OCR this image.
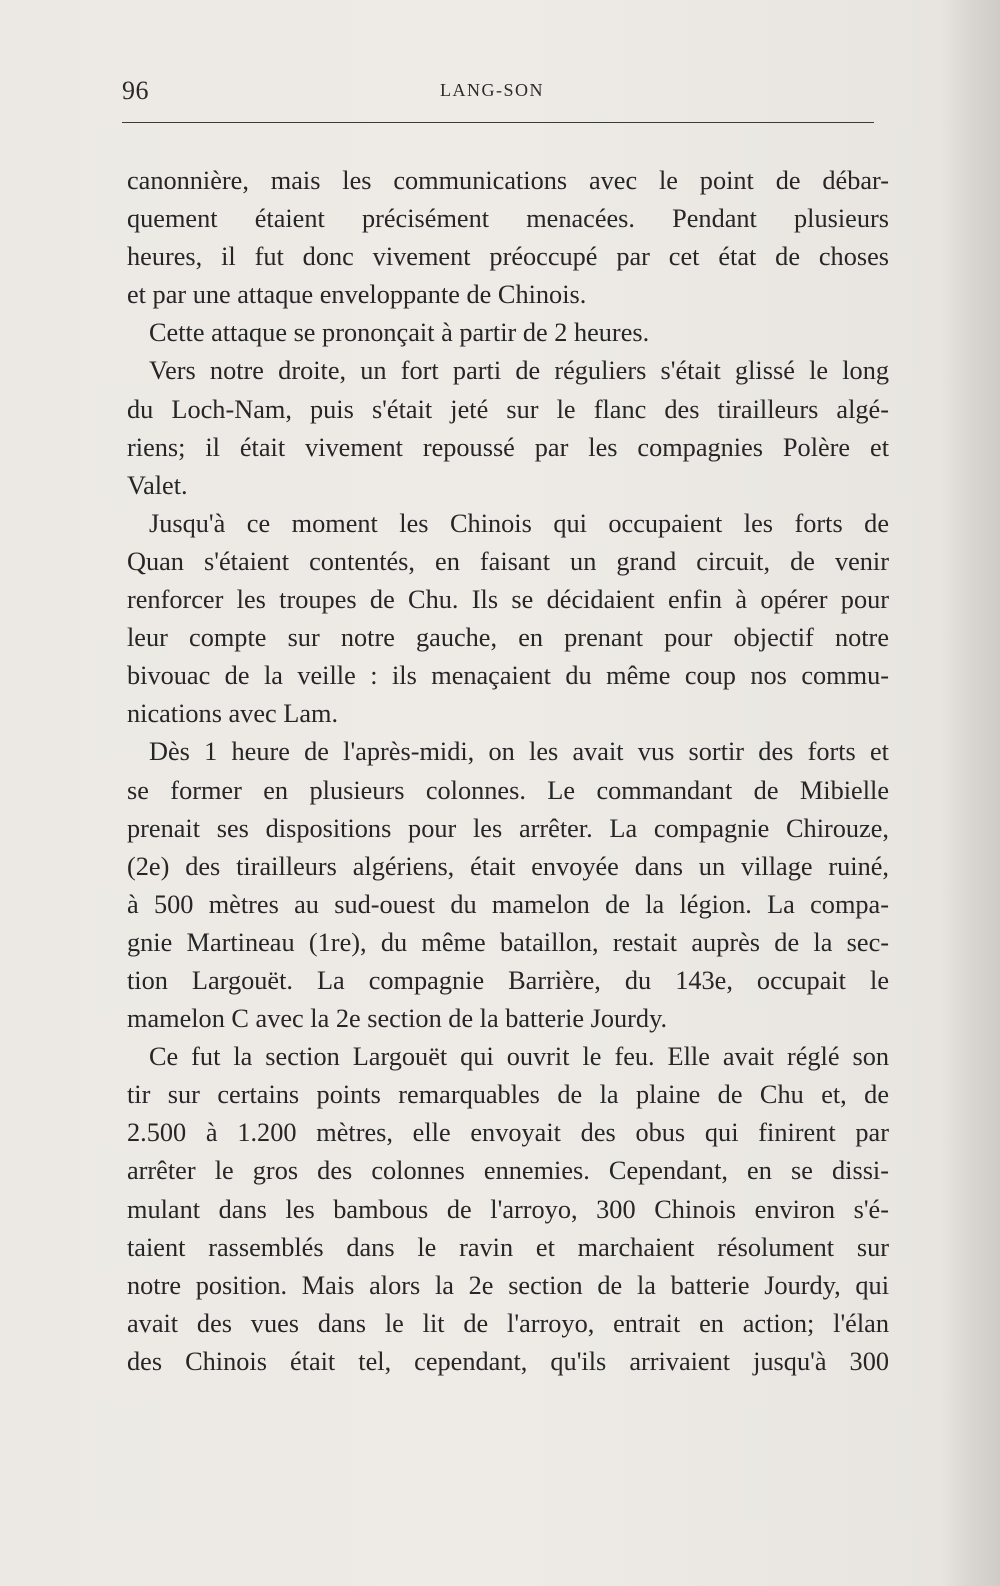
96	LANG-SON
canonnière, mais les communications avec le point de débar-
quement étaient précisément menacées. Pendant plusieurs
heures, il fut donc vivement préoccupé par cet état de choses
et par une attaque enveloppante de Chinois.
Cette attaque se prononçait à partir de 2 heures.
Vers notre droite, un fort parti de réguliers s'était glissé le long
du Loch-Nam, puis s'était jeté sur le flanc des tirailleurs algé-
riens; il était vivement repoussé par les compagnies Polère et
Valet.
Jusqu'à ce moment les Chinois qui occupaient les forts de
Quan s'étaient contentés, en faisant un grand circuit, de venir
renforcer les troupes de Chu. Ils se décidaient enfin à opérer pour
leur compte sur notre gauche, en prenant pour objectif notre
bivouac de la veille : ils menaçaient du même coup nos commu-
nications avec Lam.
Dès 1 heure de l'après-midi, on les avait vus sortir des forts et
se former en plusieurs colonnes. Le commandant de Mibielle
prenait ses dispositions pour les arrêter. La compagnie Chirouze,
(2e) des tirailleurs algériens, était envoyée dans un village ruiné,
à 500 mètres au sud-ouest du mamelon de la légion. La compa-
gnie Martineau (1re), du même bataillon, restait auprès de la sec-
tion Largouët. La compagnie Barrière, du 143e, occupait le
mamelon C avec la 2e section de la batterie Jourdy.
Ce fut la section Largouët qui ouvrit le feu. Elle avait réglé son
tir sur certains points remarquables de la plaine de Chu et, de
2.500 à 1.200 mètres, elle envoyait des obus qui finirent par
arrêter le gros des colonnes ennemies. Cependant, en se dissi-
mulant dans les bambous de l'arroyo, 300 Chinois environ s'é-
taient rassemblés dans le ravin et marchaient résolument sur
notre position. Mais alors la 2e section de la batterie Jourdy, qui
avait des vues dans le lit de l'arroyo, entrait en action; l'élan
des Chinois était tel, cependant, qu'ils arrivaient jusqu'à 300
